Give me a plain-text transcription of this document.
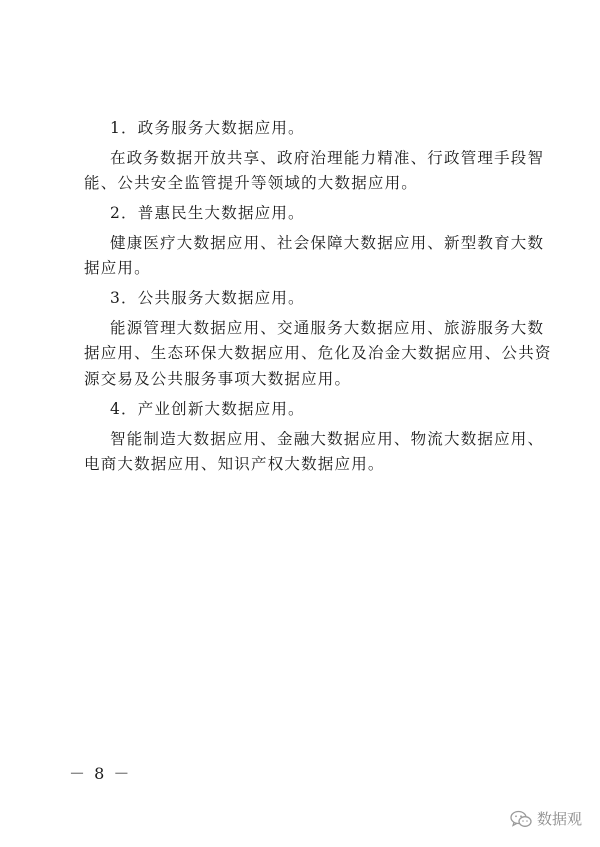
1．政务服务大数据应用。
在政务数据开放共享、政府治理能力精准、行政管理手段智
能、公共安全监管提升等领域的大数据应用。
2．普惠民生大数据应用。
健康医疗大数据应用、社会保障大数据应用、新型教育大数
据应用。
3．公共服务大数据应用。
能源管理大数据应用、交通服务大数据应用、旅游服务大数
据应用、生态环保大数据应用、危化及冶金大数据应用、公共资
源交易及公共服务事项大数据应用。
4．产业创新大数据应用。
智能制造大数据应用、金融大数据应用、物流大数据应用、
电商大数据应用、知识产权大数据应用。
－ 8 －
数据观
